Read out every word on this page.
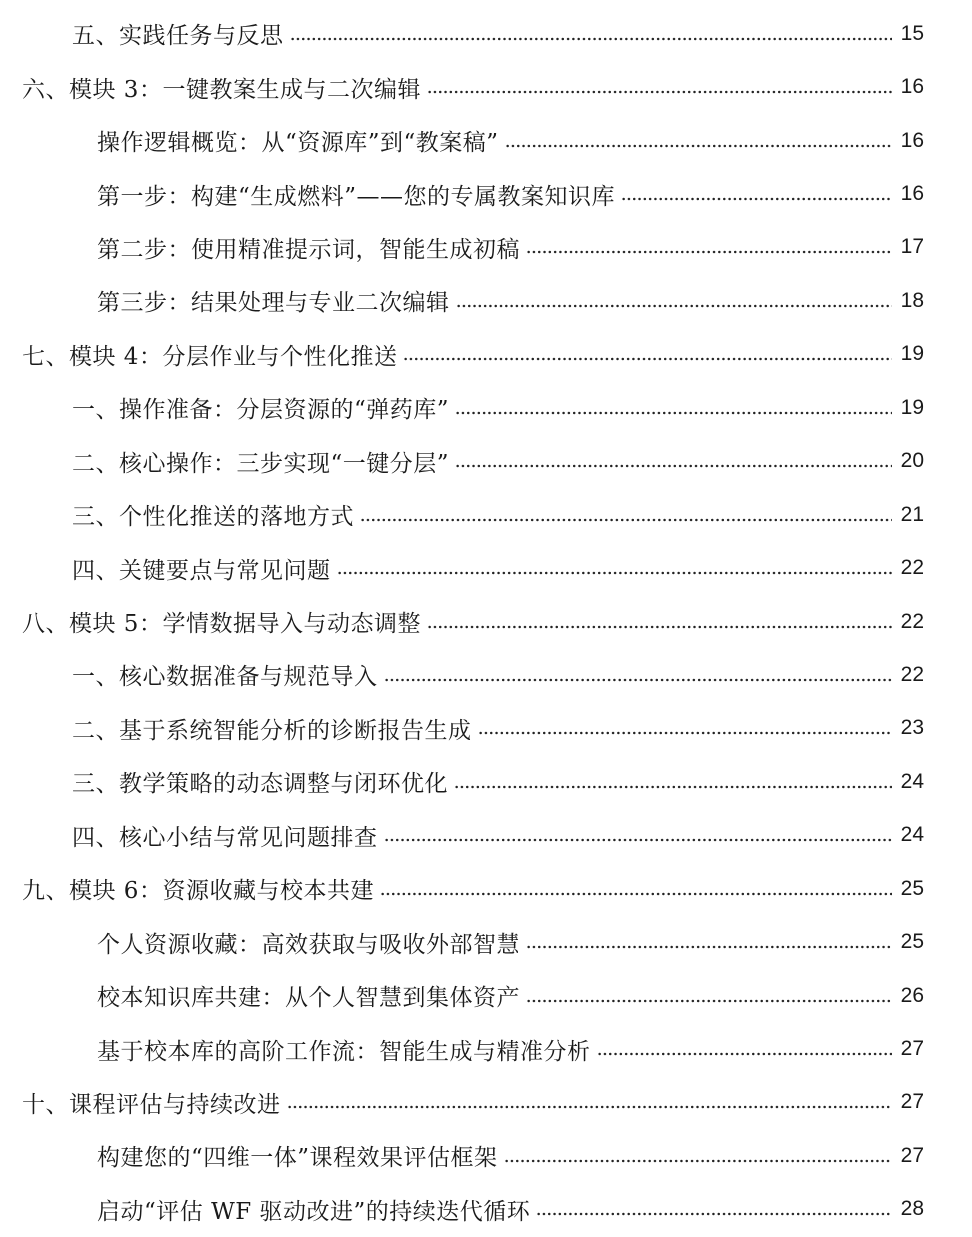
五、实践任务与反思	15
六、模块 3：一键教案生成与二次编辑	16
操作逻辑概览：从“资源库”到“教案稿”	16
第一步：构建“生成燃料”——您的专属教案知识库	16
第二步：使用精准提示词，智能生成初稿	17
第三步：结果处理与专业二次编辑	18
七、模块 4：分层作业与个性化推送	19
一、操作准备：分层资源的“弹药库”	19
二、核心操作：三步实现“一键分层”	20
三、个性化推送的落地方式	21
四、关键要点与常见问题	22
八、模块 5：学情数据导入与动态调整	22
一、核心数据准备与规范导入	22
二、基于系统智能分析的诊断报告生成	23
三、教学策略的动态调整与闭环优化	24
四、核心小结与常见问题排查	24
九、模块 6：资源收藏与校本共建	25
个人资源收藏：高效获取与吸收外部智慧	25
校本知识库共建：从个人智慧到集体资产	26
基于校本库的高阶工作流：智能生成与精准分析	27
十、课程评估与持续改进	27
构建您的“四维一体”课程效果评估框架	27
启动“评估 WF 驱动改进”的持续迭代循环	28
